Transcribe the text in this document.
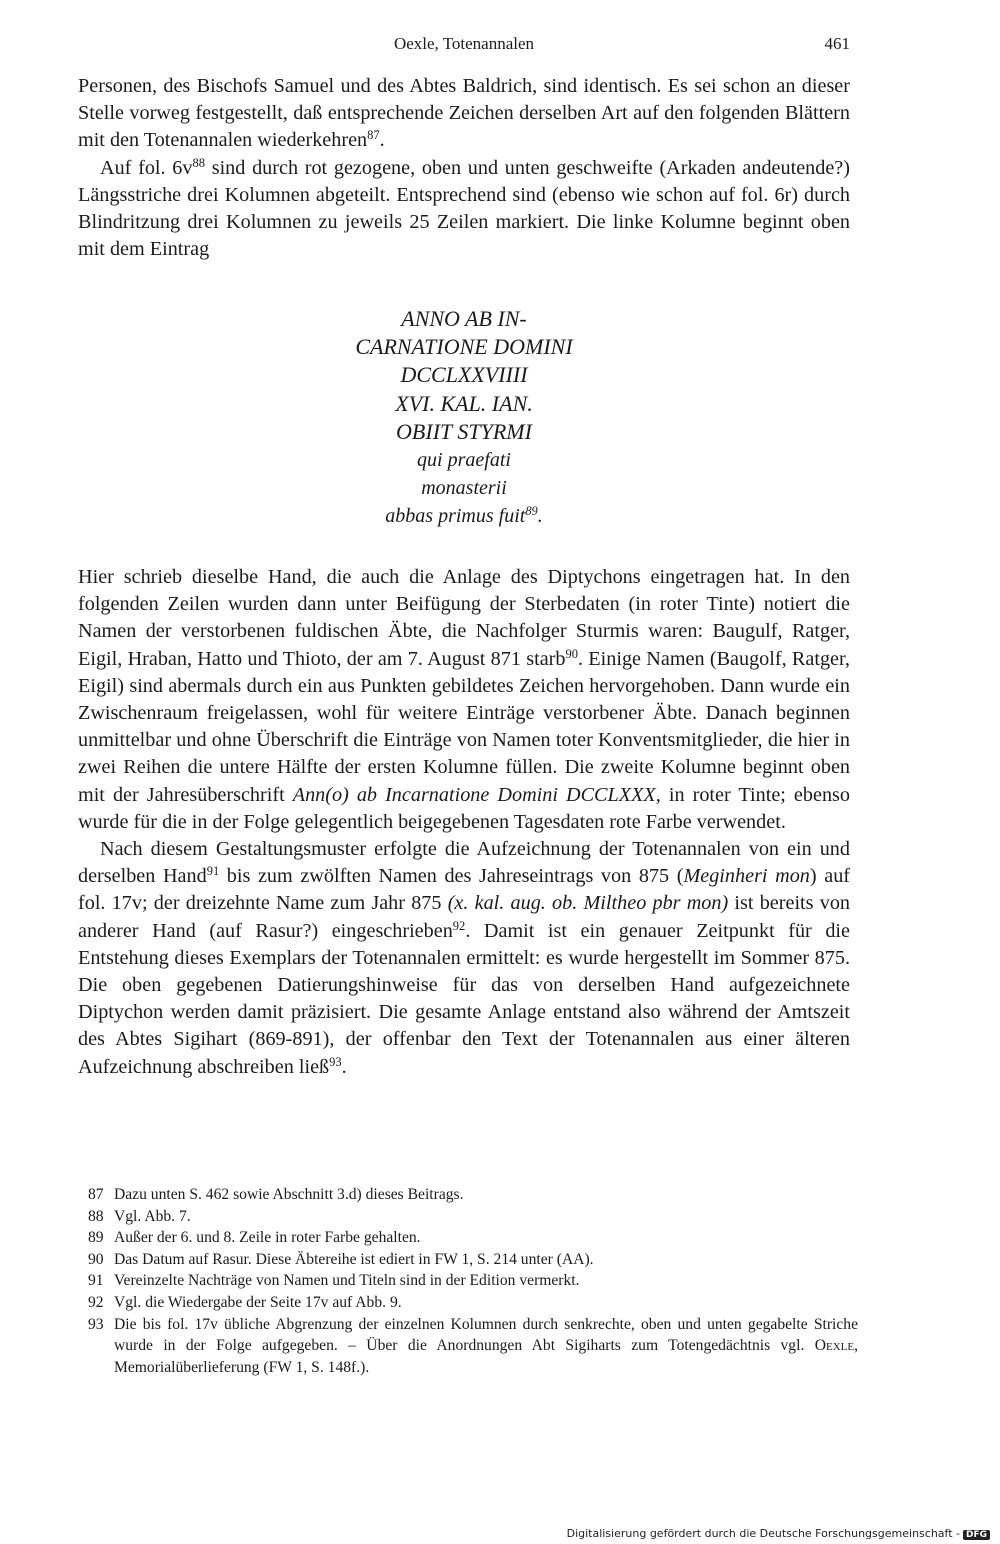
Oexle, Totenannalen	461

Personen, des Bischofs Samuel und des Abtes Baldrich, sind identisch. Es sei schon an dieser Stelle vorweg festgestellt, daß entsprechende Zeichen derselben Art auf den folgenden Blättern mit den Totenannalen wiederkehren$^{87}$.

Auf fol. $6v^{88}$ sind durch rot gezogene, oben und unten geschweifte (Arkaden andeutende?) Längsstriche drei Kolumnen abgeteilt. Entsprechend sind (ebenso wie schon auf fol. 6r) durch Blindritzung drei Kolumnen zu jeweils 25 Zeilen markiert. Die linke Kolumne beginnt oben mit dem Eintrag

ANNO AB IN-
CARNATIONE DOMINI
DCCLXXVIIII
XVI. KAL. IAN.
OBIIT STYRMI
qui praefati
monasterii
abbas primus fuit$^{89}$.

Hier schrieb dieselbe Hand, die auch die Anlage des Diptychons eingetragen hat. In den folgenden Zeilen wurden dann unter Beifügung der Sterbedaten (in roter Tinte) notiert die Namen der verstorbenen fuldischen Äbte, die Nachfolger Sturmis waren: Baugulf, Ratger, Eigil, Hraban, Hatto und Thioto, der am 7. August 871 starb$^{90}$. Einige Namen (Baugolf, Ratger, Eigil) sind abermals durch ein aus Punkten gebildetes Zeichen hervorgehoben. Dann wurde ein Zwischenraum freigelassen, wohl für weitere Einträge verstorbener Äbte. Danach beginnen unmittelbar und ohne Überschrift die Einträge von Namen toter Konventsmitglieder, die hier in zwei Reihen die untere Hälfte der ersten Kolumne füllen. Die zweite Kolumne beginnt oben mit der Jahresüberschrift Ann(o) ab Incarnatione Domini DCCLXXX, in roter Tinte; ebenso wurde für die in der Folge gelegentlich beigegebenen Tagesdaten rote Farbe verwendet.

Nach diesem Gestaltungsmuster erfolgte die Aufzeichnung der Totenannalen von ein und derselben Hand$^{91}$ bis zum zwölften Namen des Jahreseintrags von 875 (Meginheri mon) auf fol. 17v; der dreizehnte Name zum Jahr 875 (x. kal. aug. ob. Miltheo pbr mon) ist bereits von anderer Hand (auf Rasur?) eingeschrieben$^{92}$. Damit ist ein genauer Zeitpunkt für die Entstehung dieses Exemplars der Totenannalen ermittelt: es wurde hergestellt im Sommer 875. Die oben gegebenen Datierungshinweise für das von derselben Hand aufgezeichnete Diptychon werden damit präzisiert. Die gesamte Anlage entstand also während der Amtszeit des Abtes Sigihart (869-891), der offenbar den Text der Totenannalen aus einer älteren Aufzeichnung abschreiben ließ$^{93}$.

87 Dazu unten S. 462 sowie Abschnitt 3.d) dieses Beitrags.
88 Vgl. Abb. 7.
89 Außer der 6. und 8. Zeile in roter Farbe gehalten.
90 Das Datum auf Rasur. Diese Äbtereihe ist ediert in FW 1, S. 214 unter (AA).
91 Vereinzelte Nachträge von Namen und Titeln sind in der Edition vermerkt.
92 Vgl. die Wiedergabe der Seite 17v auf Abb. 9.
93 Die bis fol. 17v übliche Abgrenzung der einzelnen Kolumnen durch senkrechte, oben und unten gegabelte Striche wurde in der Folge aufgegeben. – Über die Anordnungen Abt Sigiharts zum Totengedächtnis vgl. Oexle, Memorialüberlieferung (FW 1, S. 148f.).
Digitalisierung gefördert durch die Deutsche Forschungsgemeinschaft - DFG
